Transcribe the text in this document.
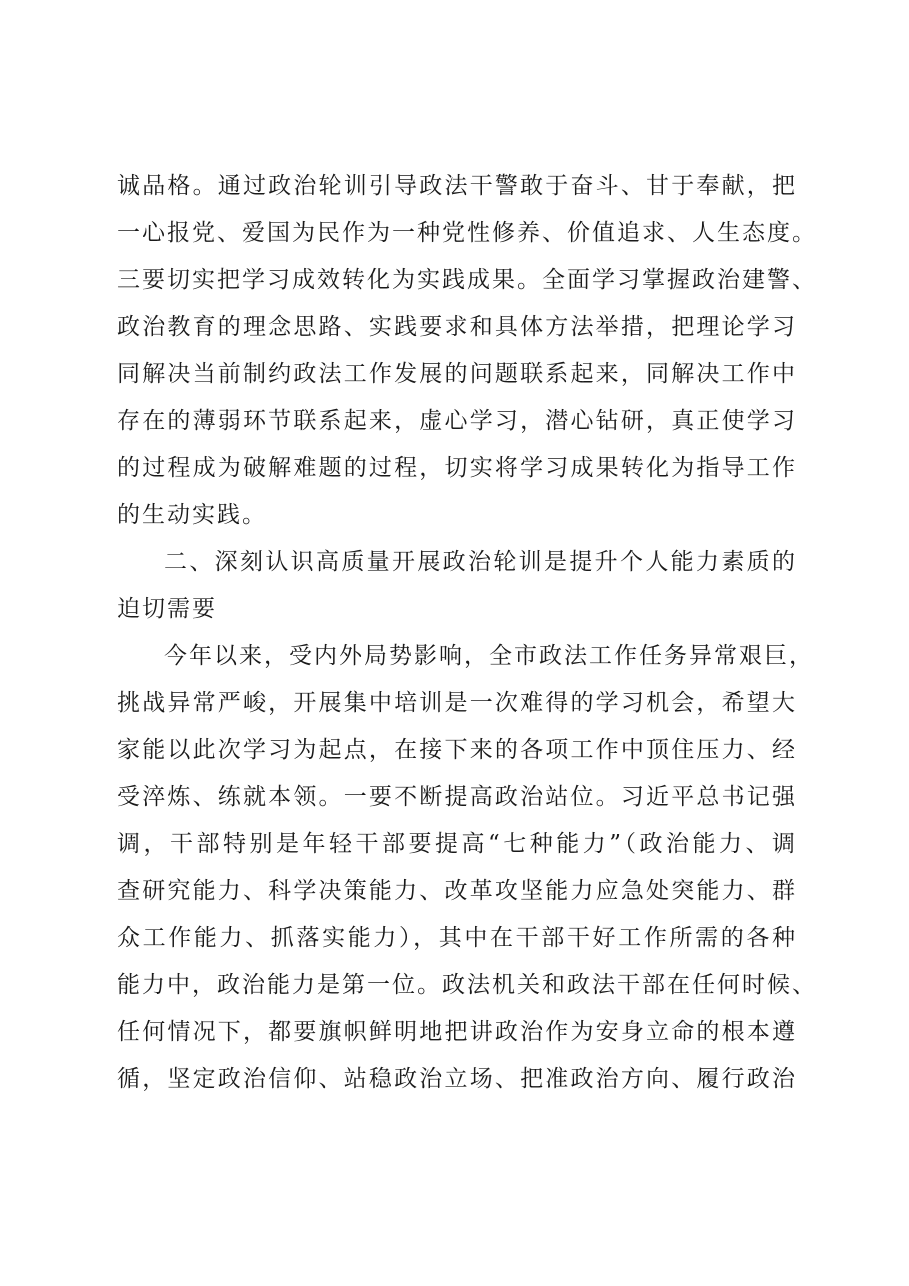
诚品格。通过政治轮训引导政法干警敢于奋斗、甘于奉献，把
一心报党、爱国为民作为一种党性修养、价值追求、人生态度。
三要切实把学习成效转化为实践成果。全面学习掌握政治建警、
政治教育的理念思路、实践要求和具体方法举措，把理论学习
同解决当前制约政法工作发展的问题联系起来，同解决工作中
存在的薄弱环节联系起来，虚心学习，潜心钻研，真正使学习
的过程成为破解难题的过程，切实将学习成果转化为指导工作
的生动实践。
二、深刻认识高质量开展政治轮训是提升个人能力素质的
迫切需要
今年以来，受内外局势影响，全市政法工作任务异常艰巨，
挑战异常严峻，开展集中培训是一次难得的学习机会，希望大
家能以此次学习为起点，在接下来的各项工作中顶住压力、经
受淬炼、练就本领。一要不断提高政治站位。习近平总书记强
调，干部特别是年轻干部要提高“七种能力”（政治能力、调
查研究能力、科学决策能力、改革攻坚能力应急处突能力、群
众工作能力、抓落实能力），其中在干部干好工作所需的各种
能力中，政治能力是第一位。政法机关和政法干部在任何时候、
任何情况下，都要旗帜鲜明地把讲政治作为安身立命的根本遵
循，坚定政治信仰、站稳政治立场、把准政治方向、履行政治
